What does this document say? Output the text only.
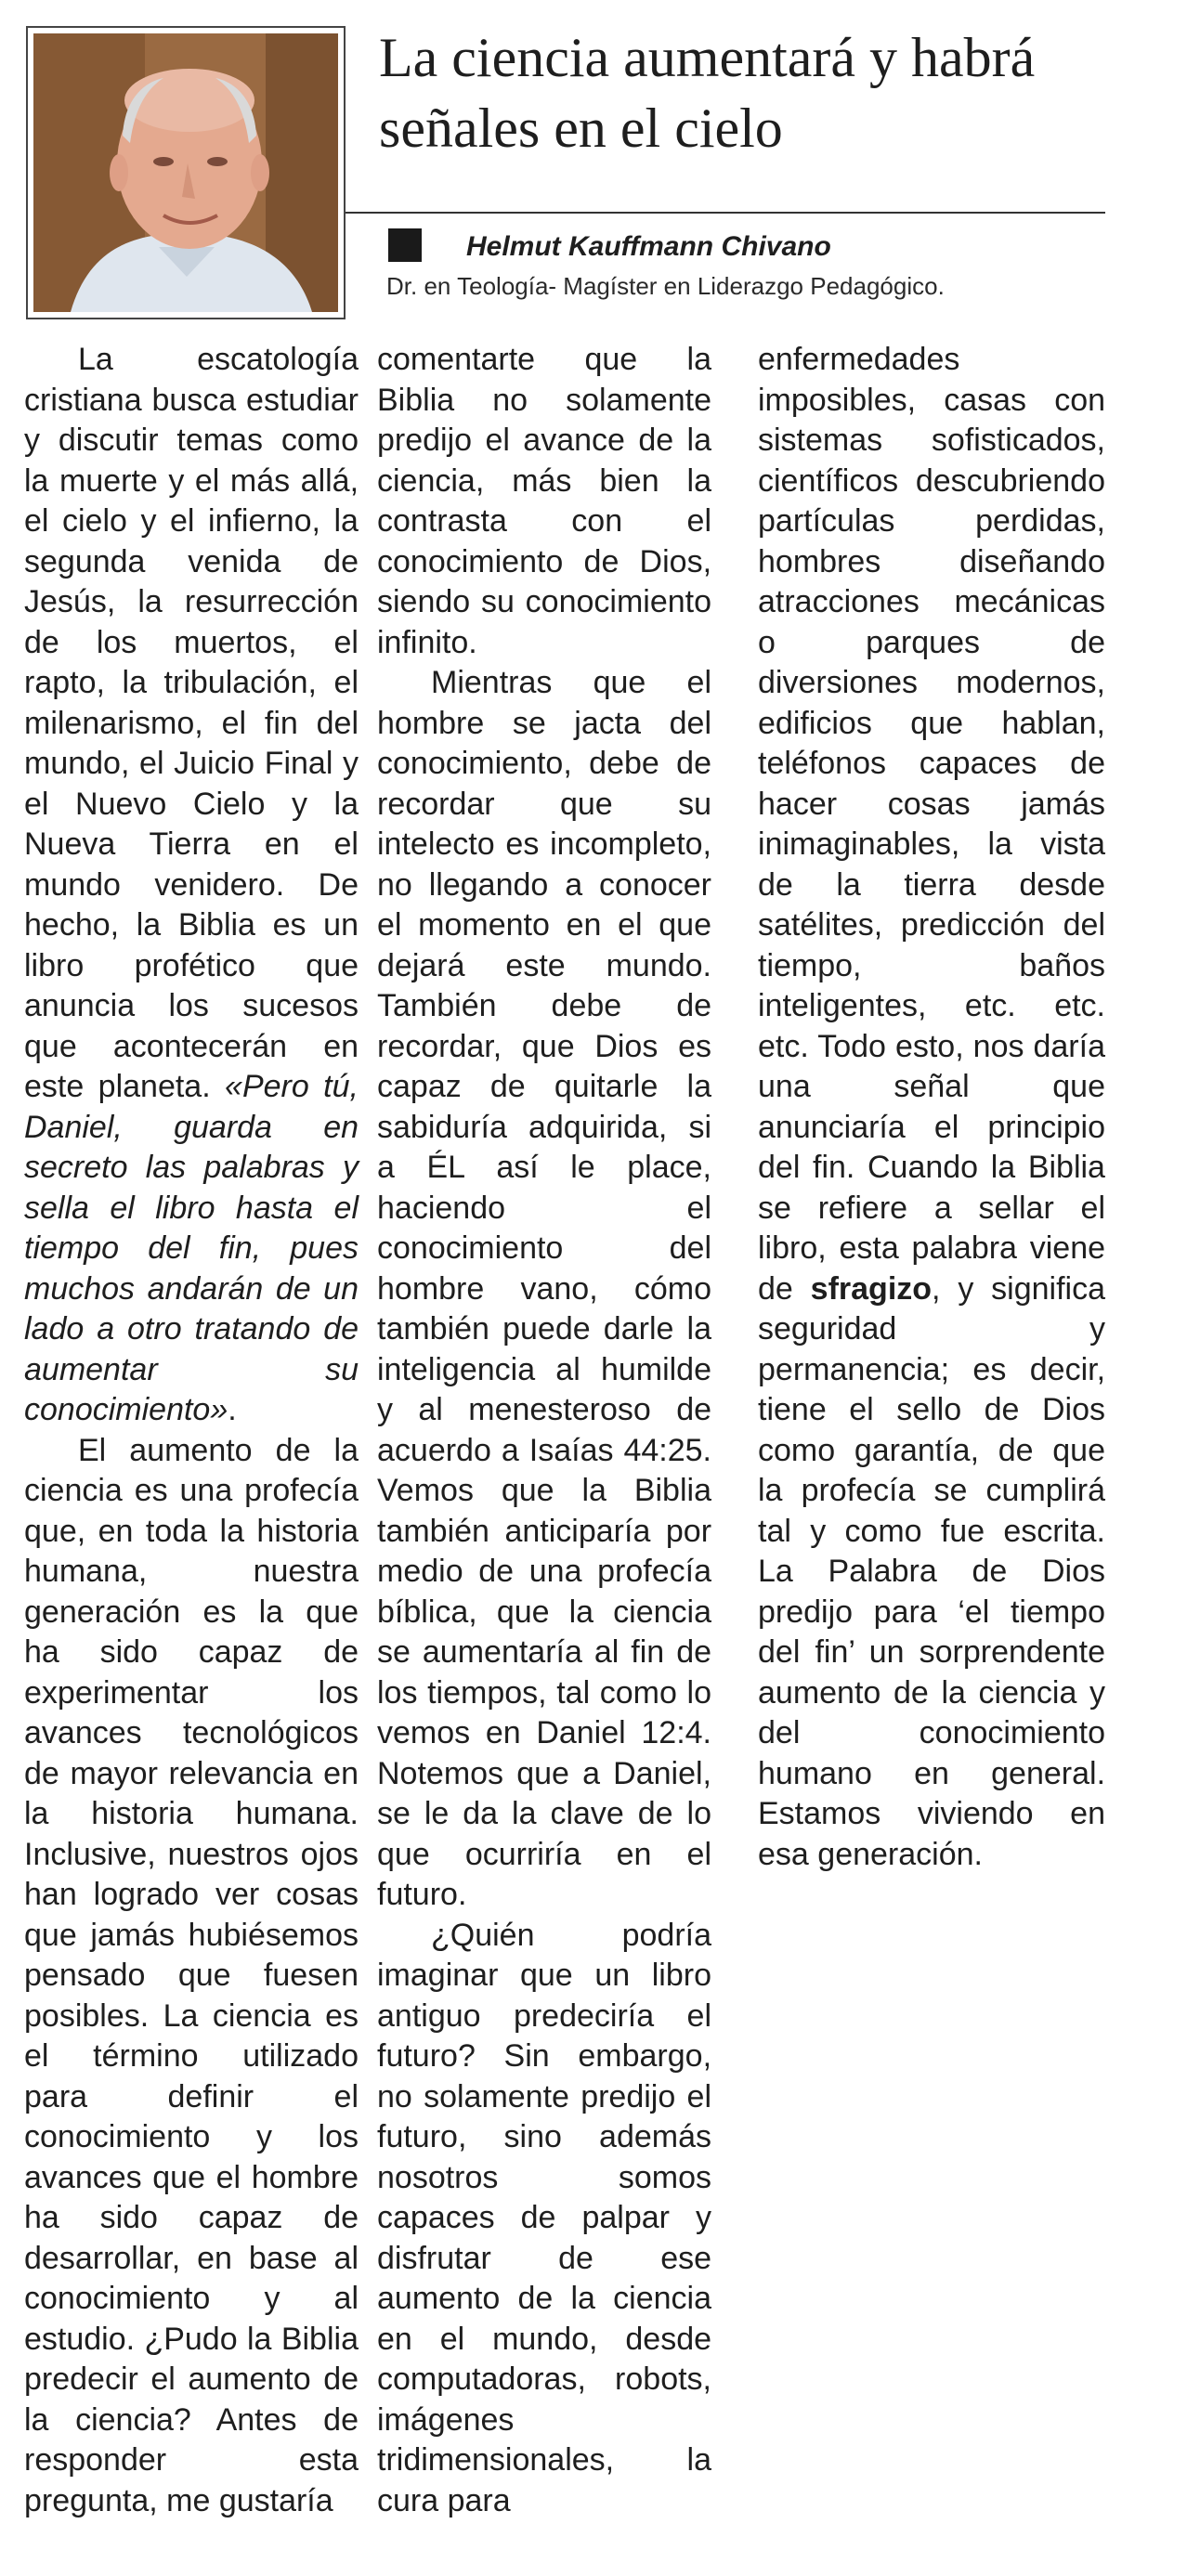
La ciencia aumentará y habrá señales en el cielo

Helmut Kauffmann Chivano

Dr. en Teología- Magíster en Liderazgo Pedagógico.

La	escatología cristiana busca estudiar y discutir temas como la muerte y el más allá, el cielo y el infierno, la segunda venida de Jesús, la resurrección de los muertos, el rapto, la tribulación, el milenarismo, el fin del mundo, el Juicio Final y el Nuevo Cielo y la Nueva Tierra en el mundo venidero. De hecho, la Biblia es un libro profético que anuncia los sucesos que acontecerán en este planeta. «Pero tú, Daniel, guarda en secreto las palabras y sella el libro hasta el tiempo del fin, pues muchos andarán de un lado a otro tratando de aumentar	su conocimiento».

El aumento de la ciencia es una profecía que, en toda la historia humana,	nuestra generación es la que ha sido capaz de experimentar	los avances tecnológicos de mayor relevancia en la historia humana. Inclusive, nuestros ojos han logrado ver cosas que jamás hubiésemos pensado que fuesen posibles. La ciencia es el término utilizado para	definir	el conocimiento y los avances que el hombre ha sido capaz de desarrollar, en base al conocimiento y al estudio. ¿Pudo la Biblia predecir el aumento de la ciencia? Antes de responder	esta pregunta, me gustaría

comentarte que la Biblia no solamente predijo el avance de la ciencia, más bien la contrasta con el conocimiento de Dios, siendo su conocimiento infinito.

Mientras que el hombre se jacta del conocimiento, debe de recordar que su intelecto es incompleto, no llegando a conocer el momento en el que dejará este mundo. También debe de recordar, que Dios es capaz de quitarle la sabiduría adquirida, si a ÉL así le place, haciendo	el conocimiento	del hombre vano, cómo también puede darle la inteligencia al humilde y al menesteroso de acuerdo a Isaías 44:25. Vemos que la Biblia también anticiparía por medio de una profecía bíblica, que la ciencia se aumentaría al fin de los tiempos, tal como lo vemos en Daniel 12:4. Notemos que a Daniel, se le da la clave de lo que ocurriría en el futuro.

¿Quién	podría imaginar que un libro antiguo predeciría el futuro? Sin embargo, no solamente predijo el futuro, sino además nosotros	somos capaces de palpar y disfrutar de ese aumento de la ciencia en el mundo, desde computadoras, robots, imágenes tridimensionales, la cura para

enfermedades imposibles, casas con sistemas sofisticados, científicos descubriendo partículas	perdidas, hombres diseñando atracciones mecánicas o	parques	de diversiones modernos, edificios que hablan, teléfonos capaces de hacer cosas jamás inimaginables, la vista de la tierra desde satélites, predicción del tiempo,	baños inteligentes, etc. etc. etc. Todo esto, nos daría una	señal	que anunciaría el principio del fin. Cuando la Biblia se refiere a sellar el libro, esta palabra viene de sfragizo, y significa seguridad	y permanencia; es decir, tiene el sello de Dios como garantía, de que la profecía se cumplirá tal y como fue escrita. La Palabra de Dios predijo para ‘el tiempo del fin’ un sorprendente aumento de la ciencia y del	conocimiento humano en general. Estamos viviendo en esa generación.
